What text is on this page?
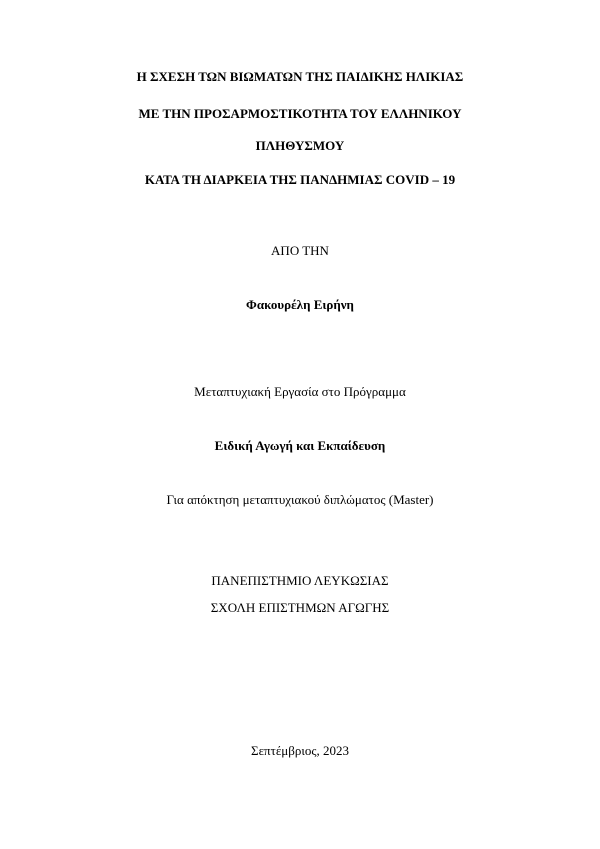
Η ΣΧΕΣΗ ΤΩΝ ΒΙΩΜΑΤΩΝ ΤΗΣ ΠΑΙΔΙΚΗΣ ΗΛΙΚΙΑΣ
ΜΕ ΤΗΝ ΠΡΟΣΑΡΜΟΣΤΙΚΟΤΗΤΑ ΤΟΥ ΕΛΛΗΝΙΚΟΥ
ΠΛΗΘΥΣΜΟΥ
ΚΑΤΑ ΤΗ ΔΙΑΡΚΕΙΑ ΤΗΣ ΠΑΝΔΗΜΙΑΣ COVID – 19
ΑΠΟ ΤΗΝ
Φακουρέλη Ειρήνη
Μεταπτυχιακή Εργασία στο Πρόγραμμα
Ειδική Αγωγή και Εκπαίδευση
Για απόκτηση μεταπτυχιακού διπλώματος (Master)
ΠΑΝΕΠΙΣΤΗΜΙΟ ΛΕΥΚΩΣΙΑΣ
ΣΧΟΛΗ ΕΠΙΣΤΗΜΩΝ ΑΓΩΓΗΣ
Σεπτέμβριος, 2023
